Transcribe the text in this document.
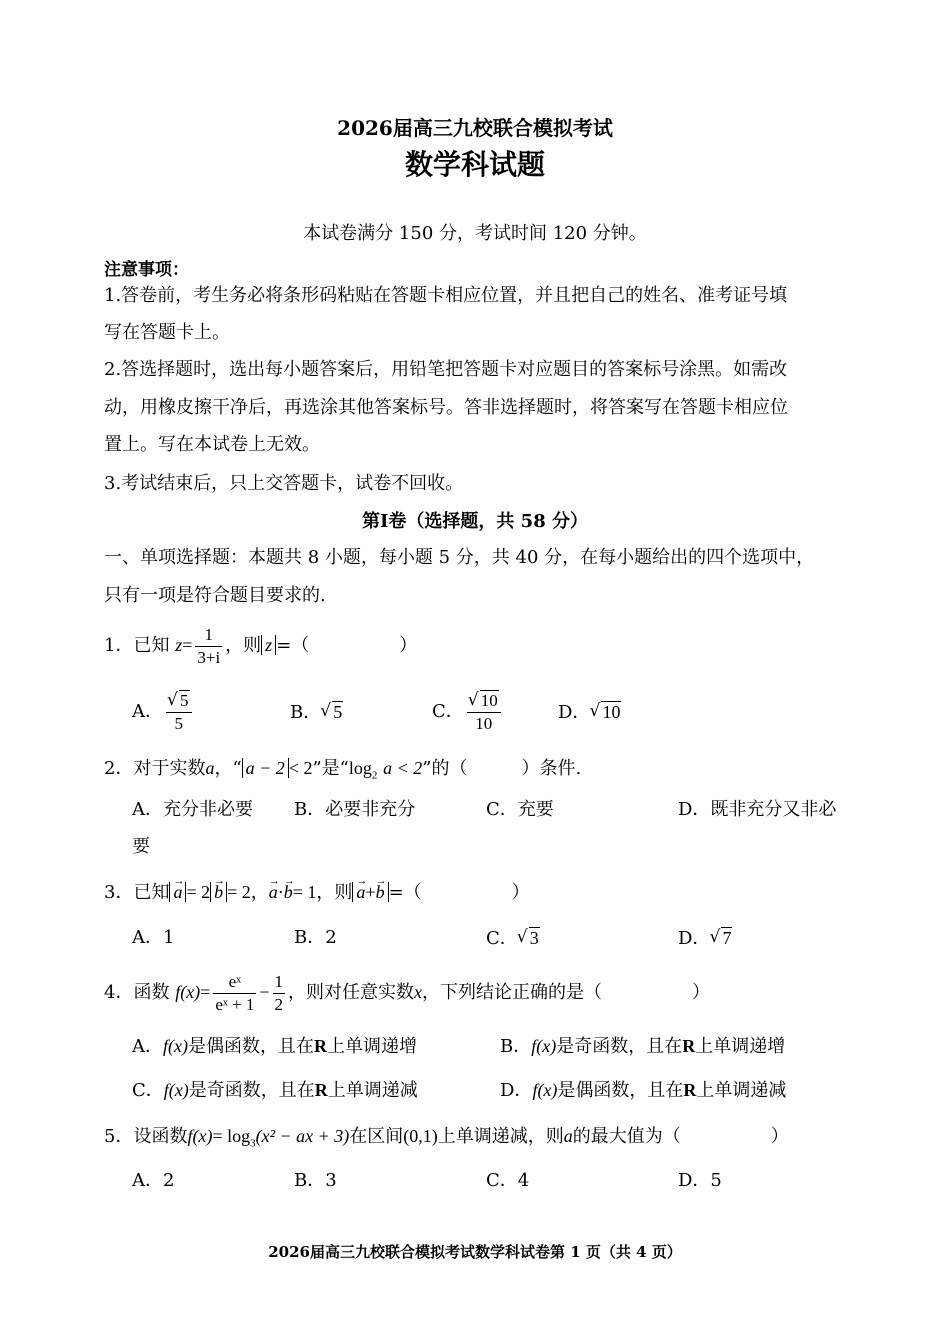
2026届高三九校联合模拟考试
数学科试题
本试卷满分 150 分，考试时间 120 分钟。
注意事项：
1.答卷前，考生务必将条形码粘贴在答题卡相应位置，并且把自己的姓名、准考证号填
写在答题卡上。
2.答选择题时，选出每小题答案后，用铅笔把答题卡对应题目的答案标号涂黑。如需改
动，用橡皮擦干净后，再选涂其他答案标号。答非选择题时，将答案写在答题卡相应位
置上。写在本试卷上无效。
3.考试结束后，只上交答题卡，试卷不回收。
第Ⅰ卷（选择题，共 58 分）
一、单项选择题：本题共 8 小题，每小题 5 分，共 40 分，在每小题给出的四个选项中，
只有一项是符合题目要求的.
1．已知 $z= \frac{1}{3+i}$ ，则 z =（　　　　　）
A． √ $\frac{5}{5}$	B． √ 5	C． √ $\frac{10}{10}$	D． √ 10
2．对于实数a，“ a − 2 < 2”是“$\log_2$ a < 2”的（　　　）条件.
A．充分非必要 B．必要非充分	C．充要	D．既非充分又非必
要
3．已知 → a = 2 → b = 2，→ a·→ b= 1，则 → a+→ b =（　　　　　）
A．1	B．2	C． √ 3	D． √ 7
4．函数 $f(x)= \frac{\text{eˣ}}{\text{eˣ + 1}} - \frac{1}{2}$ ，则对任意实数x，下列结论正确的是（　　　　　）
A．f(x)是偶函数，且在R上单调递增	B．f(x)是奇函数，且在R上单调递增
C．f(x)是奇函数，且在R上单调递减	D．f(x)是偶函数，且在R上单调递减
5．设函数$f(x)= \log_3(x^2$ − ax + 3)在区间(0,1)上单调递减，则a的最大值为（　　　　　）
A．2	B．3	C．4	D．5
2026届高三九校联合模拟考试数学科试卷第 1 页（共 4 页）
